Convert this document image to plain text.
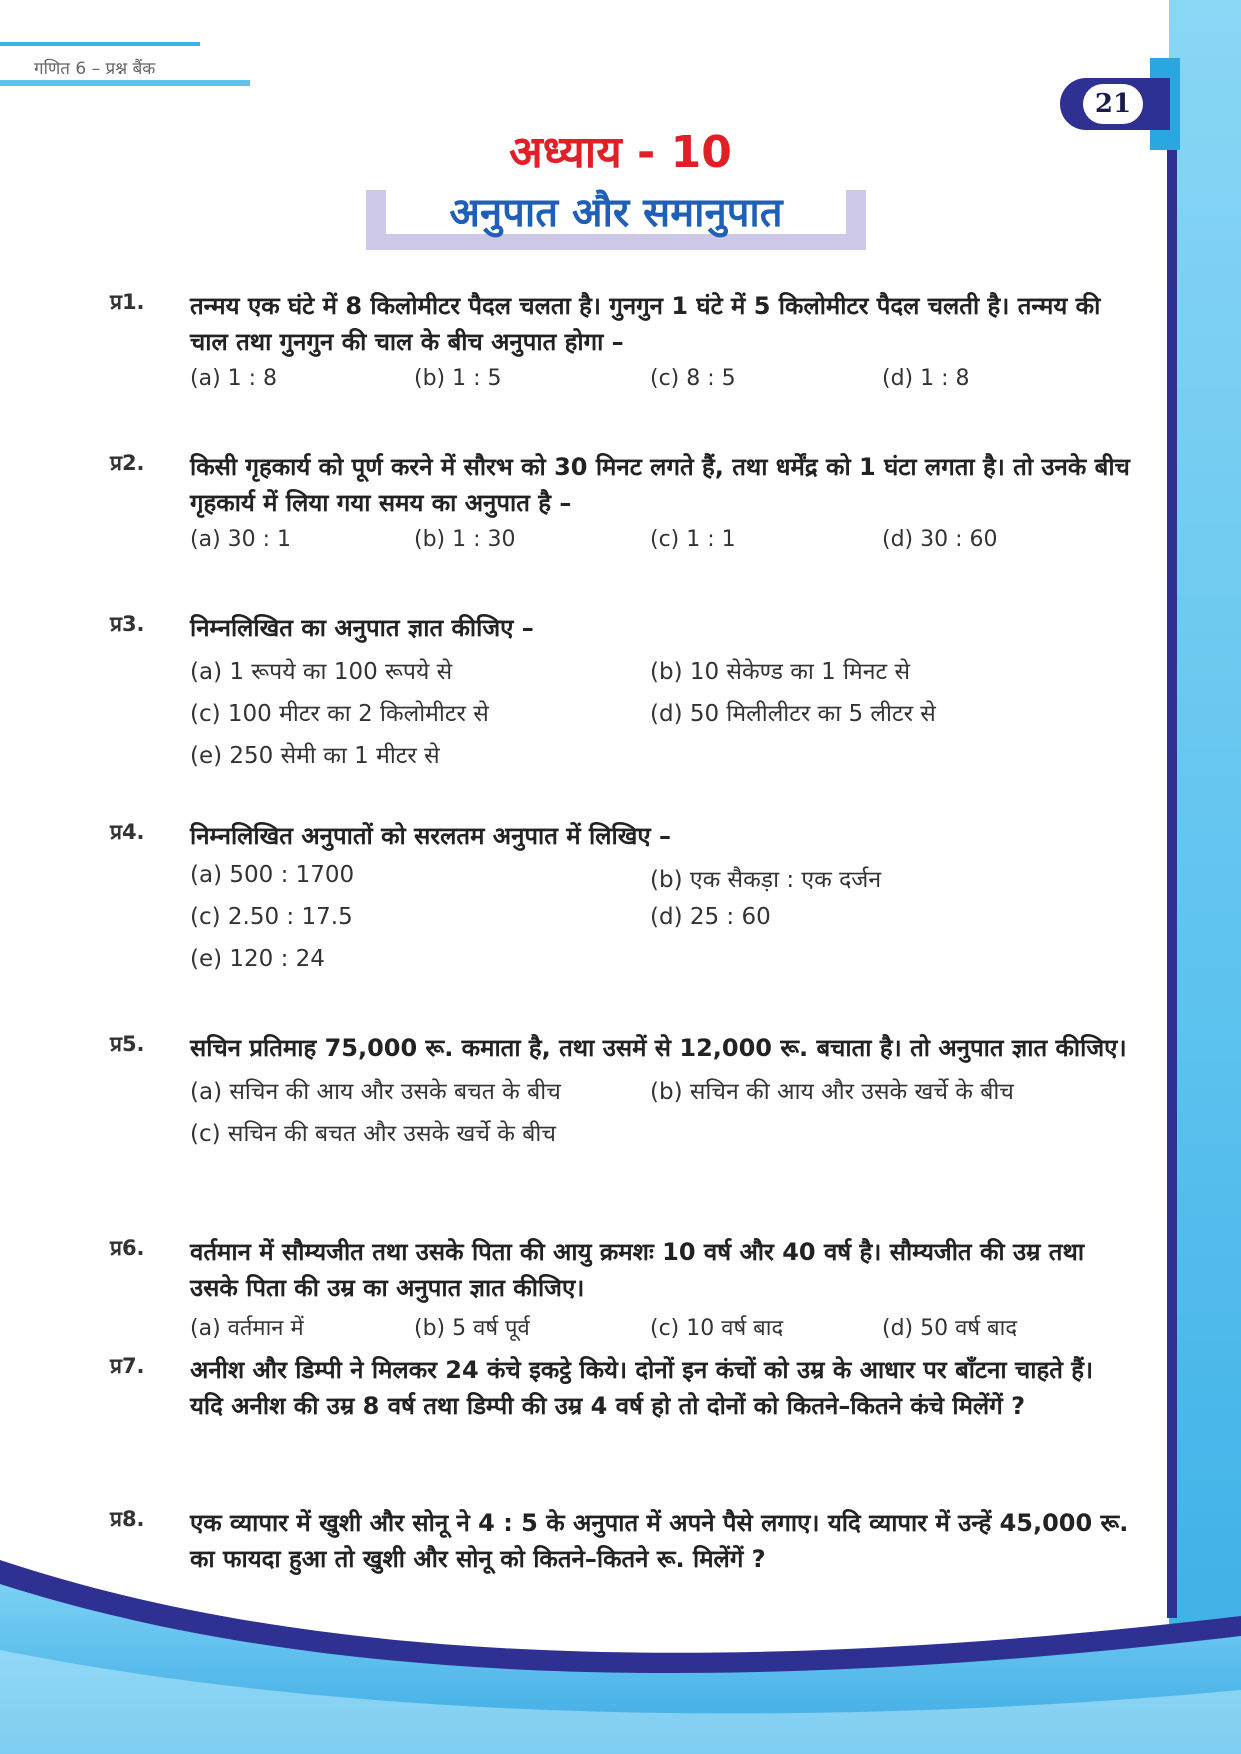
गणित 6 – प्रश्न बैंक
21
अध्याय - 10
अनुपात और समानुपात
प्र1. तन्मय एक घंटे में 8 किलोमीटर पैदल चलता है। गुनगुन 1 घंटे में 5 किलोमीटर पैदल चलती है। तन्मय की चाल तथा गुनगुन की चाल के बीच अनुपात होगा –
(a) 1 : 8	(b) 1 : 5	(c) 8 : 5	(d) 1 : 8
प्र2. किसी गृहकार्य को पूर्ण करने में सौरभ को 30 मिनट लगते हैं, तथा धर्मेंद्र को 1 घंटा लगता है। तो उनके बीच गृहकार्य में लिया गया समय का अनुपात है –
(a) 30 : 1	(b) 1 : 30	(c) 1 : 1	(d) 30 : 60
प्र3. निम्नलिखित का अनुपात ज्ञात कीजिए –
(a) 1 रूपये का 100 रूपये से	(b) 10 सेकेण्ड का 1 मिनट से
(c) 100 मीटर का 2 किलोमीटर से	(d) 50 मिलीलीटर का 5 लीटर से
(e) 250 सेमी का 1 मीटर से
प्र4. निम्नलिखित अनुपातों को सरलतम अनुपात में लिखिए –
(a) 500 : 1700	(b) एक सैकड़ा : एक दर्जन
(c) 2.50 : 17.5	(d) 25 : 60
(e) 120 : 24
प्र5. सचिन प्रतिमाह 75,000 रू. कमाता है, तथा उसमें से 12,000 रू. बचाता है। तो अनुपात ज्ञात कीजिए।
(a) सचिन की आय और उसके बचत के बीच	(b) सचिन की आय और उसके खर्चे के बीच
(c) सचिन की बचत और उसके खर्चे के बीच
प्र6. वर्तमान में सौम्यजीत तथा उसके पिता की आयु क्रमशः 10 वर्ष और 40 वर्ष है। सौम्यजीत की उम्र तथा उसके पिता की उम्र का अनुपात ज्ञात कीजिए।
(a) वर्तमान में	(b) 5 वर्ष पूर्व	(c) 10 वर्ष बाद	(d) 50 वर्ष बाद
प्र7. अनीश और डिम्पी ने मिलकर 24 कंचे इकट्ठे किये। दोनों इन कंचों को उम्र के आधार पर बाँटना चाहते हैं। यदि अनीश की उम्र 8 वर्ष तथा डिम्पी की उम्र 4 वर्ष हो तो दोनों को कितने–कितने कंचे मिलेंगें ?
प्र8. एक व्यापार में खुशी और सोनू ने 4 : 5 के अनुपात में अपने पैसे लगाए। यदि व्यापार में उन्हें 45,000 रू. का फायदा हुआ तो खुशी और सोनू को कितने–कितने रू. मिलेंगें ?
